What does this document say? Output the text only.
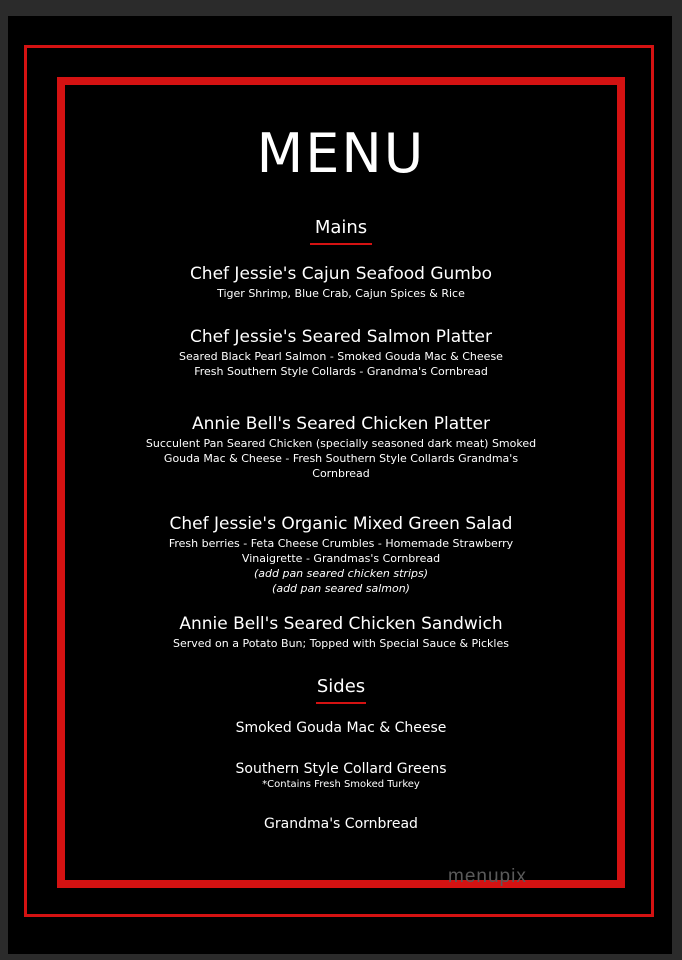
MENU
Mains
Chef Jessie's Cajun Seafood Gumbo
Tiger Shrimp, Blue Crab, Cajun Spices & Rice
Chef Jessie's Seared Salmon Platter
Seared Black Pearl Salmon - Smoked Gouda Mac & Cheese
Fresh Southern Style Collards - Grandma's Cornbread
Annie Bell's Seared Chicken Platter
Succulent Pan Seared Chicken (specially seasoned dark meat) Smoked
Gouda Mac & Cheese - Fresh Southern Style Collards Grandma's
Cornbread
Chef Jessie's Organic Mixed Green Salad
Fresh berries - Feta Cheese Crumbles - Homemade Strawberry
Vinaigrette - Grandmas's Cornbread
(add pan seared chicken strips)
(add pan seared salmon)
Annie Bell's Seared Chicken Sandwich
Served on a Potato Bun; Topped with Special Sauce & Pickles
Sides
Smoked Gouda Mac & Cheese
Southern Style Collard Greens
*Contains Fresh Smoked Turkey
Grandma's Cornbread
menupix
